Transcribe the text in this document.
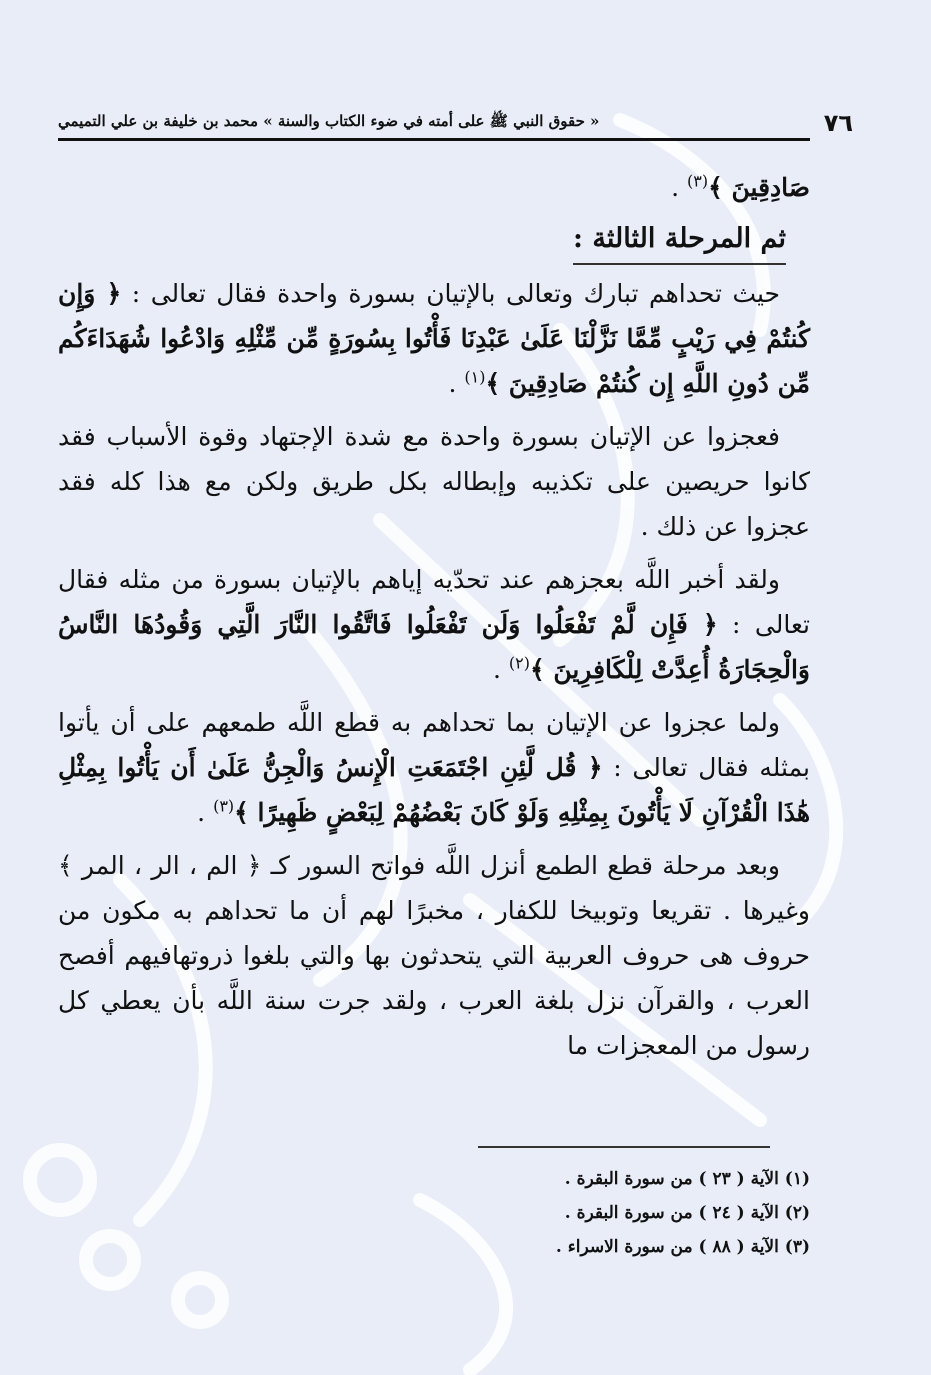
٧٦
« حقوق النبي ﷺ على أمته في ضوء الكتاب والسنة » محمد بن خليفة بن علي التميمي

صَادِقِينَ ﴾$^{(٣)}$ .

ثم المرحلة الثالثة :

حيث تحداهم تبارك وتعالى بالإتيان بسورة واحدة فقال تعالى : ﴿ وَإِن كُنتُمْ فِي رَيْبٍ مِّمَّا نَزَّلْنَا عَلَىٰ عَبْدِنَا فَأْتُوا بِسُورَةٍ مِّن مِّثْلِهِ وَادْعُوا شُهَدَاءَكُم مِّن دُونِ اللَّهِ إِن كُنتُمْ صَادِقِينَ ﴾$^{(١)}$ .

فعجزوا عن الإتيان بسورة واحدة مع شدة الإجتهاد وقوة الأسباب فقد كانوا حريصين على تكذيبه وإبطاله بكل طريق ولكن مع هذا كله فقد عجزوا عن ذلك .

ولقد أخبر اللَّه بعجزهم عند تحدّيه إياهم بالإتيان بسورة من مثله فقال تعالى : ﴿ فَإِن لَّمْ تَفْعَلُوا وَلَن تَفْعَلُوا فَاتَّقُوا النَّارَ الَّتِي وَقُودُهَا النَّاسُ وَالْحِجَارَةُ أُعِدَّتْ لِلْكَافِرِينَ ﴾$^{(٢)}$ .

ولما عجزوا عن الإتيان بما تحداهم به قطع اللَّه طمعهم على أن يأتوا بمثله فقال تعالى : ﴿ قُل لَّئِنِ اجْتَمَعَتِ الْإِنسُ وَالْجِنُّ عَلَىٰ أَن يَأْتُوا بِمِثْلِ هَٰذَا الْقُرْآنِ لَا يَأْتُونَ بِمِثْلِهِ وَلَوْ كَانَ بَعْضُهُمْ لِبَعْضٍ ظَهِيرًا ﴾$^{(٣)}$ .

وبعد مرحلة قطع الطمع أنزل اللَّه فواتح السور كـ ﴿ الم ، الر ، المر ﴾ وغيرها . تقريعا وتوبيخا للكفار ، مخبرًا لهم أن ما تحداهم به مكون من حروف هى حروف العربية التي يتحدثون بها والتي بلغوا ذروتهافيهم أفصح العرب ، والقرآن نزل بلغة العرب ، ولقد جرت سنة اللَّه بأن يعطي كل رسول من المعجزات ما

(١) الآية ( ٢٣ ) من سورة البقرة .
(٢) الآية ( ٢٤ ) من سورة البقرة .
(٣) الآية ( ٨٨ ) من سورة الاسراء .
